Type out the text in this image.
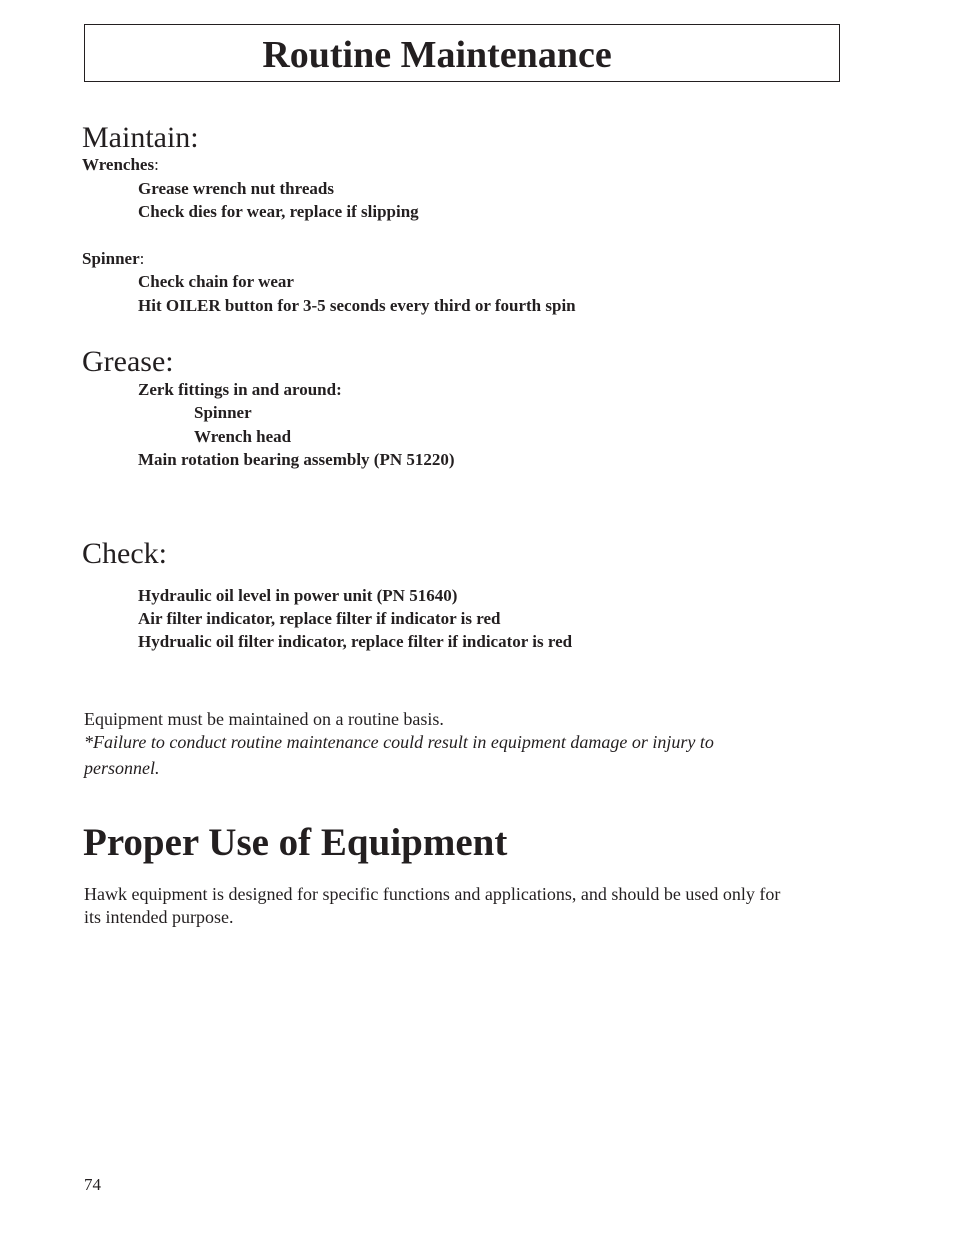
Routine Maintenance
Maintain:
Wrenches:
Grease wrench nut threads
Check dies for wear, replace if slipping
Spinner:
Check chain for wear
Hit OILER button for 3-5 seconds every third or fourth spin
Grease:
Zerk fittings in and around:
Spinner
Wrench head
Main rotation bearing assembly (PN 51220)
Check:
Hydraulic oil level in power unit (PN 51640)
Air filter indicator, replace filter if indicator is red
Hydrualic oil filter indicator, replace filter if indicator is red
Equipment must be maintained on a routine basis.
*Failure to conduct routine maintenance could result in equipment damage or injury to
personnel.
Proper Use of Equipment
Hawk equipment is designed for specific functions and applications, and should be used only for
its intended purpose.
74
